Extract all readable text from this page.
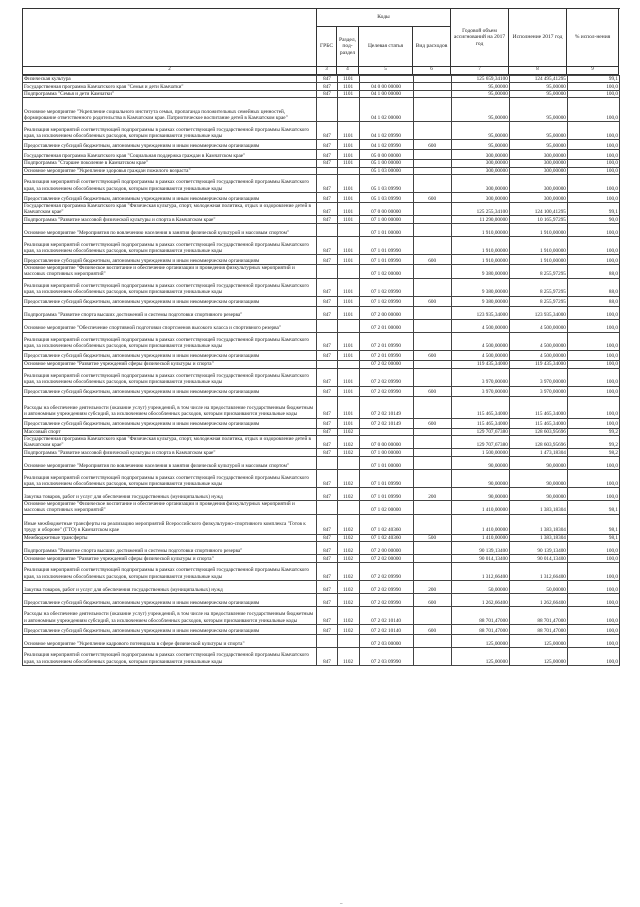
Коды
Годовой объем ассигнований на 2017 год
Исполнение 2017 год	% испол-нения
ГРБС
Раздел, под-раздел
Целевая статья	Вид расходов
2	3	4	5	6	7	8	9
Физическая культура	847	1101			125 659,34100	124 495,41295	99,1
Государственная программа Камчатского края "Семья и дети Камчатки"	847	1101	04 0 00 00000		95,00000	95,00000	100,0
Подпрограмма "Семья и дети Камчатки"	847	1101	04 1 00 00000		95,00000	95,00000	100,0
Основное мероприятие "Укрепление социального института семьи, пропаганда положительных семейных ценностей, формирование ответственного родительства в Камчатском крае. Патриотическое воспитание детей в Камчатском крае"			04 1 02 00000		95,00000	95,00000	100,0
Реализация мероприятий соответствующей подпрограммы в рамках соответствующей государственной программы Камчатского края, за исключением обособленных расходов, которым присваиваются уникальные коды	847	1101	04 1 02 09990		95,00000	95,00000	100,0
Предоставление субсидий бюджетным, автономным учреждениям и иным некоммерческим организациям	847	1101	04 1 02 09990	600	95,00000	95,00000	100,0
Государственная программа Камчатского края "Социальная поддержка граждан в Камчатском крае"	847	1101	05 0 00 00000		300,00000	300,00000	100,0
Подпрограмма "Старшее поколение в Камчатском крае"	847	1101	05 1 00 00000		300,00000	300,00000	100,0
Основное мероприятие "Укрепление здоровья граждан пожилого возраста"			05 1 03 00000		300,00000	300,00000	100,0
Реализация мероприятий соответствующей подпрограммы в рамках соответствующей государственной программы Камчатского края, за исключением обособленных расходов, которым присваиваются уникальные коды	847	1101	05 1 03 09990		300,00000	300,00000	100,0
Предоставление субсидий бюджетным, автономным учреждениям и иным некоммерческим организациям	847	1101	05 1 03 09990	600	300,00000	300,00000	100,0
Государственная программа Камчатского края "Физическая культура, спорт, молодежная политика, отдых и оздоровление детей в Камчатском крае"	847	1101	07 0 00 00000		125 255,34100	124 100,41295	99,1
Подпрограмма "Развитие массовой физической культуры и спорта в Камчатском крае"	847	1101	07 1 00 00000		11 290,00000	10 165,97295	90,0
Основное мероприятие "Мероприятия по вовлечению населения в занятия физической культурой и массовым спортом"			07 1 01 00000		1 910,00000	1 910,00000	100,0
Реализация мероприятий соответствующей подпрограммы в рамках соответствующей государственной программы Камчатского края, за исключением обособленных расходов, которым присваиваются уникальные коды	847	1101	07 1 01 09990		1 910,00000	1 910,00000	100,0
Предоставление субсидий бюджетным, автономным учреждениям и иным некоммерческим организациям	847	1101	07 1 01 09990	600	1 910,00000	1 910,00000	100,0
Основное мероприятие "Физическое воспитание и обеспечение организации и проведения физкультурных мероприятий и массовых спортивных мероприятий"			07 1 02 00000		9 380,00000	8 255,97295	88,0
Реализация мероприятий соответствующей подпрограммы в рамках соответствующей государственной программы Камчатского края, за исключением обособленных расходов, которым присваиваются уникальные коды	847	1101	07 1 02 09990		9 380,00000	8 255,97295	88,0
Предоставление субсидий бюджетным, автономным учреждениям и иным некоммерческим организациям	847	1101	07 1 02 09990	600	9 380,00000	8 255,97295	88,0
Подпрограмма "Развитие спорта высших достижений и системы подготовки спортивного резерва"	847	1101	07 2 00 00000		123 935,34000	123 935,34000	100,0
Основное мероприятие "Обеспечение спортивной подготовки спортсменов высокого класса и спортивного резерва"			07 2 01 00000		4 500,00000	4 500,00000	100,0
Реализация мероприятий соответствующей подпрограммы в рамках соответствующей государственной программы Камчатского края, за исключением обособленных расходов, которым присваиваются уникальные коды	847	1101	07 2 01 09990		4 500,00000	4 500,00000	100,0
Предоставление субсидий бюджетным, автономным учреждениям и иным некоммерческим организациям	847	1101	07 2 01 09990	600	4 500,00000	4 500,00000	100,0
Основное мероприятие "Развитие учреждений сферы физической культуры и спорта"			07 2 02 00000		119 435,34000	119 435,34000	100,0
Реализация мероприятий соответствующей подпрограммы в рамках соответствующей государственной программы Камчатского края, за исключением обособленных расходов, которым присваиваются уникальные коды	847	1101	07 2 02 09990		3 970,00000	3 970,00000	100,0
Предоставление субсидий бюджетным, автономным учреждениям и иным некоммерческим организациям	847	1101	07 2 02 09990	600	3 970,00000	3 970,00000	100,0
Расходы на обеспечение деятельности (оказание услуг) учреждений, в том числе на предоставление государственным бюджетным и автономным учреждениям субсидий, за исключением обособленных расходов, которым присваиваются уникальные коды	847	1101	07 2 02 10149		115 465,34000	115 465,34000	100,0
Предоставление субсидий бюджетным, автономным учреждениям и иным некоммерческим организациям	847	1101	07 2 02 10149	600	115 465,34000	115 465,34000	100,0
Массовый спорт	847	1102			129 707,67380	128 603,95696	99,2
Государственная программа Камчатского края "Физическая культура, спорт, молодежная политика, отдых и оздоровление детей в Камчатском крае"	847	1102	07 0 00 00000		129 707,67380	128 603,95696	99,2
Подпрограмма "Развитие массовой физической культуры и спорта в Камчатском крае"	847	1102	07 1 00 00000		1 500,00000	1 473,18304	98,2
Основное мероприятие "Мероприятия по вовлечению населения в занятия физической культурой и массовым спортом"			07 1 01 00000		90,00000	90,00000	100,0
Реализация мероприятий соответствующей подпрограммы в рамках соответствующей государственной программы Камчатского края, за исключением обособленных расходов, которым присваиваются уникальные коды	847	1102	07 1 01 09990		90,00000	90,00000	100,0
Закупка товаров, работ и услуг для обеспечения государственных (муниципальных) нужд	847	1102	07 1 01 09990	200	90,00000	90,00000	100,0
Основное мероприятие "Физическое воспитание и обеспечение организации и проведения физкультурных мероприятий и массовых спортивных мероприятий"			07 1 02 00000		1 410,00000	1 383,18304	98,1
Иные межбюджетные трансферты на реализацию мероприятий Всероссийского физкультурно-спортивного комплекса "Готов к труду и обороне" (ГТО) в Камчатском крае	847	1102	07 1 02 40360		1 410,00000	1 383,18304	98,1
Межбюджетные трансферты	847	1102	07 1 02 40360	500	1 410,00000	1 383,18304	98,1
Подпрограмма "Развитие спорта высших достижений и системы подготовки спортивного резерва"	847	1102	07 2 00 00000		90 139,13400	90 139,13400	100,0
Основное мероприятие "Развитие учреждений сферы физической культуры и спорта"	847	1102	07 2 02 00000		90 014,13400	90 014,13400	100,0
Реализация мероприятий соответствующей подпрограммы в рамках соответствующей государственной программы Камчатского края, за исключением обособленных расходов, которым присваиваются уникальные коды	847	1102	07 2 02 09990		1 312,66400	1 312,66400	100,0
Закупка товаров, работ и услуг для обеспечения государственных (муниципальных) нужд	847	1102	07 2 02 09990	200	50,00000	50,00000	100,0
Предоставление субсидий бюджетным, автономным учреждениям и иным некоммерческим организациям	847	1102	07 2 02 09990	600	1 262,66400	1 262,66400	100,0
Расходы на обеспечение деятельности (оказание услуг) учреждений, в том числе на предоставление государственным бюджетным и автономным учреждениям субсидий, за исключением обособленных расходов, которым присваиваются уникальные коды	847	1102	07 2 02 10140		88 701,47000	88 701,47000	100,0
Предоставление субсидий бюджетным, автономным учреждениям и иным некоммерческим организациям	847	1102	07 2 02 10140	600	88 701,47000	88 701,47000	100,0
Основное мероприятие "Укрепление кадрового потенциала в сфере физической культуры и спорта"			07 2 03 00000		125,00000	125,00000	100,0
Реализация мероприятий соответствующей подпрограммы в рамках соответствующей государственной программы Камчатского края, за исключением обособленных расходов, которым присваиваются уникальные коды	847	1102	07 2 03 09990		125,00000	125,00000	100,0
–
